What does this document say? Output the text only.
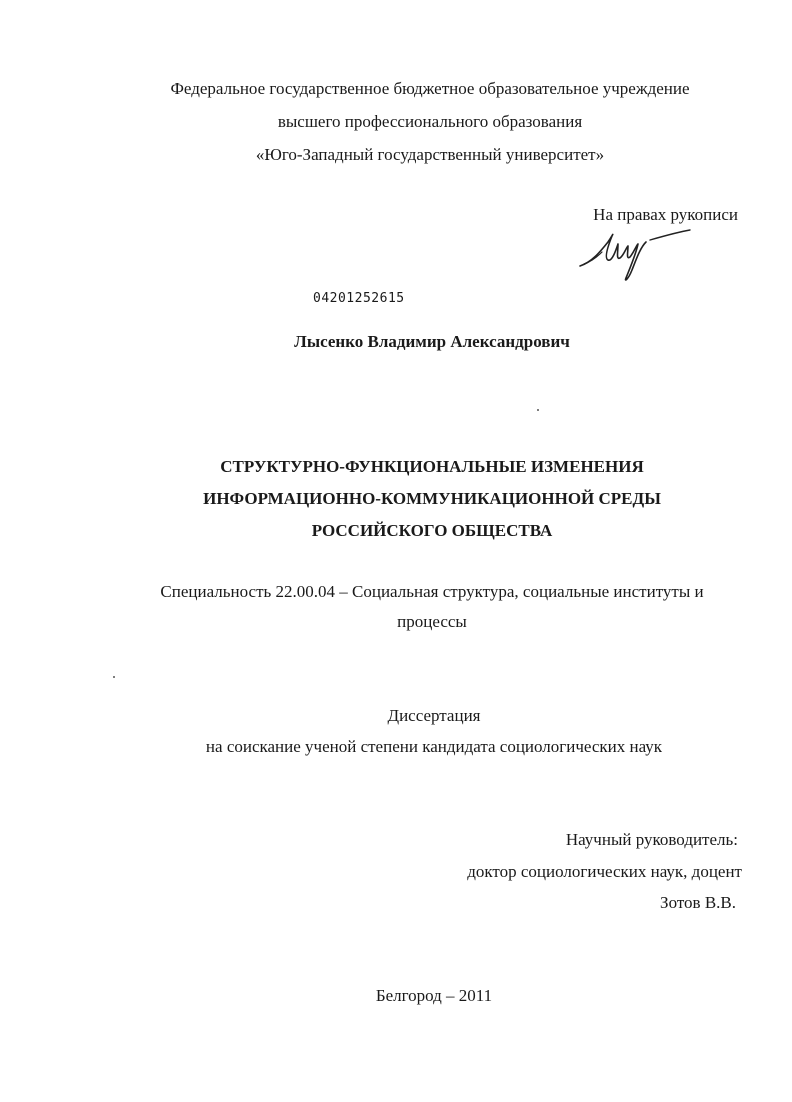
Федеральное государственное бюджетное образовательное учреждение
высшего профессионального образования
«Юго-Западный государственный университет»
На правах рукописи
04201252615
Лысенко Владимир Александрович
СТРУКТУРНО-ФУНКЦИОНАЛЬНЫЕ ИЗМЕНЕНИЯ
ИНФОРМАЦИОННО-КОММУНИКАЦИОННОЙ СРЕДЫ
РОССИЙСКОГО ОБЩЕСТВА
Специальность 22.00.04 – Социальная структура, социальные институты и
процессы
Диссертация
на соискание ученой степени кандидата социологических наук
Научный руководитель:
доктор социологических наук, доцент
Зотов В.В.
Белгород – 2011
